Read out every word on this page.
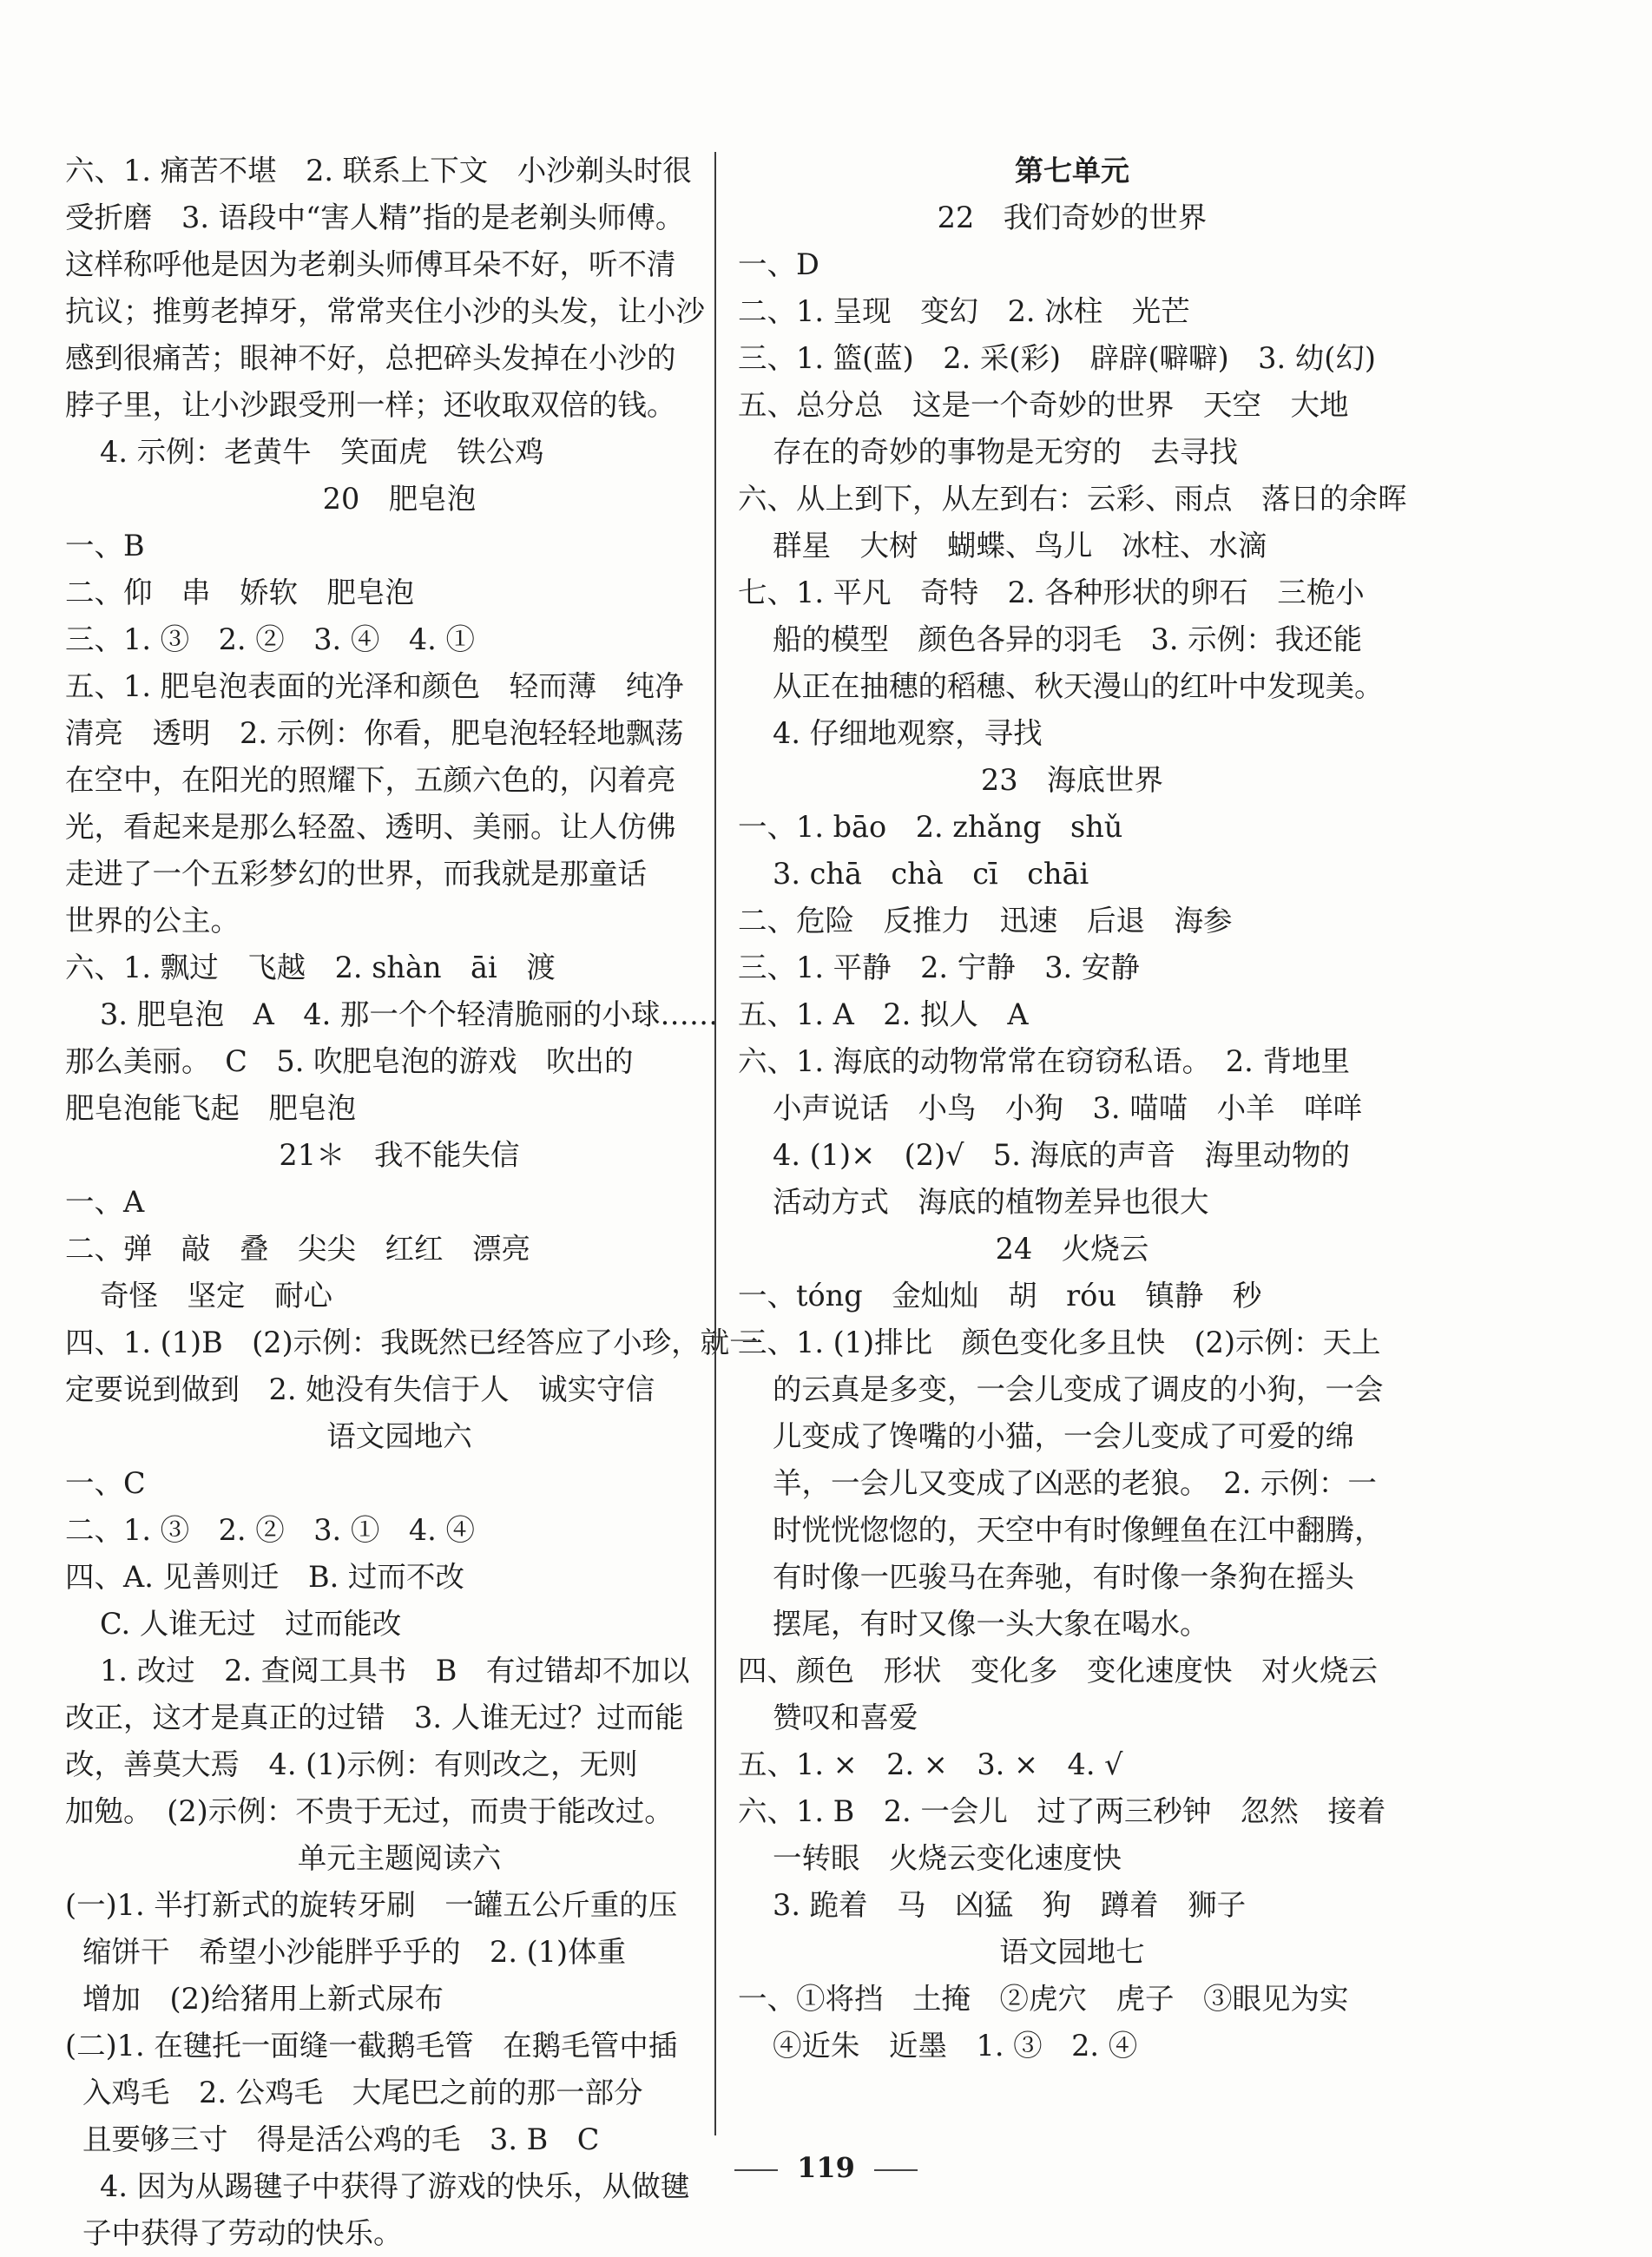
六、1. 痛苦不堪　2. 联系上下文　小沙剃头时很
受折磨　3. 语段中“害人精”指的是老剃头师傅。
这样称呼他是因为老剃头师傅耳朵不好，听不清
抗议；推剪老掉牙，常常夹住小沙的头发，让小沙
感到很痛苦；眼神不好，总把碎头发掉在小沙的
脖子里，让小沙跟受刑一样；还收取双倍的钱。
4. 示例：老黄牛　笑面虎　铁公鸡
20　肥皂泡
一、B
二、仰　串　娇软　肥皂泡
三、1. ③　2. ②　3. ④　4. ①
五、1. 肥皂泡表面的光泽和颜色　轻而薄　纯净
清亮　透明　2. 示例：你看，肥皂泡轻轻地飘荡
在空中，在阳光的照耀下，五颜六色的，闪着亮
光，看起来是那么轻盈、透明、美丽。让人仿佛
走进了一个五彩梦幻的世界，而我就是那童话
世界的公主。
六、1. 飘过　飞越　2. shàn　āi　渡
3. 肥皂泡　A　4. 那一个个轻清脆丽的小球……
那么美丽。　C　5. 吹肥皂泡的游戏　吹出的
肥皂泡能飞起　肥皂泡
21＊　我不能失信
一、A
二、弹　敲　叠　尖尖　红红　漂亮
奇怪　坚定　耐心
四、1. (1)B　(2)示例：我既然已经答应了小珍，就一
定要说到做到　2. 她没有失信于人　诚实守信
语文园地六
一、C
二、1. ③　2. ②　3. ①　4. ④
四、A. 见善则迁　B. 过而不改
C. 人谁无过　过而能改
1. 改过　2. 查阅工具书　B　有过错却不加以
改正，这才是真正的过错　3. 人谁无过？过而能
改，善莫大焉　4. (1)示例：有则改之，无则
加勉。　(2)示例：不贵于无过，而贵于能改过。
单元主题阅读六
(一)1. 半打新式的旋转牙刷　一罐五公斤重的压
缩饼干　希望小沙能胖乎乎的　2. (1)体重
增加　(2)给猪用上新式尿布
(二)1. 在毽托一面缝一截鹅毛管　在鹅毛管中插
入鸡毛　2. 公鸡毛　大尾巴之前的那一部分
且要够三寸　得是活公鸡的毛　3. B　C
4. 因为从踢毽子中获得了游戏的快乐，从做毽
子中获得了劳动的快乐。
第七单元
22　我们奇妙的世界
一、D
二、1. 呈现　变幻　2. 冰柱　光芒
三、1. 篮(蓝)　2. 采(彩)　辟辟(噼噼)　3. 幼(幻)
五、总分总　这是一个奇妙的世界　天空　大地
存在的奇妙的事物是无穷的　去寻找
六、从上到下，从左到右：云彩、雨点　落日的余晖
群星　大树　蝴蝶、鸟儿　冰柱、水滴
七、1. 平凡　奇特　2. 各种形状的卵石　三桅小
船的模型　颜色各异的羽毛　3. 示例：我还能
从正在抽穗的稻穗、秋天漫山的红叶中发现美。
4. 仔细地观察，寻找
23　海底世界
一、1. bāo　2. zhǎng　shǔ
3. chā　chà　cī　chāi
二、危险　反推力　迅速　后退　海参
三、1. 平静　2. 宁静　3. 安静
五、1. A　2. 拟人　A
六、1. 海底的动物常常在窃窃私语。　2. 背地里
小声说话　小鸟　小狗　3. 喵喵　小羊　咩咩
4. (1)×　(2)√　5. 海底的声音　海里动物的
活动方式　海底的植物差异也很大
24　火烧云
一、tóng　金灿灿　胡　róu　镇静　秒
三、1. (1)排比　颜色变化多且快　(2)示例：天上
的云真是多变，一会儿变成了调皮的小狗，一会
儿变成了馋嘴的小猫，一会儿变成了可爱的绵
羊，一会儿又变成了凶恶的老狼。　2. 示例：一
时恍恍惚惚的，天空中有时像鲤鱼在江中翻腾，
有时像一匹骏马在奔驰，有时像一条狗在摇头
摆尾，有时又像一头大象在喝水。
四、颜色　形状　变化多　变化速度快　对火烧云
赞叹和喜爱
五、1. ×　2. ×　3. ×　4. √
六、1. B　2. 一会儿　过了两三秒钟　忽然　接着
一转眼　火烧云变化速度快
3. 跪着　马　凶猛　狗　蹲着　狮子
语文园地七
一、①将挡　土掩　②虎穴　虎子　③眼见为实
④近朱　近墨　1. ③　2. ④
119
